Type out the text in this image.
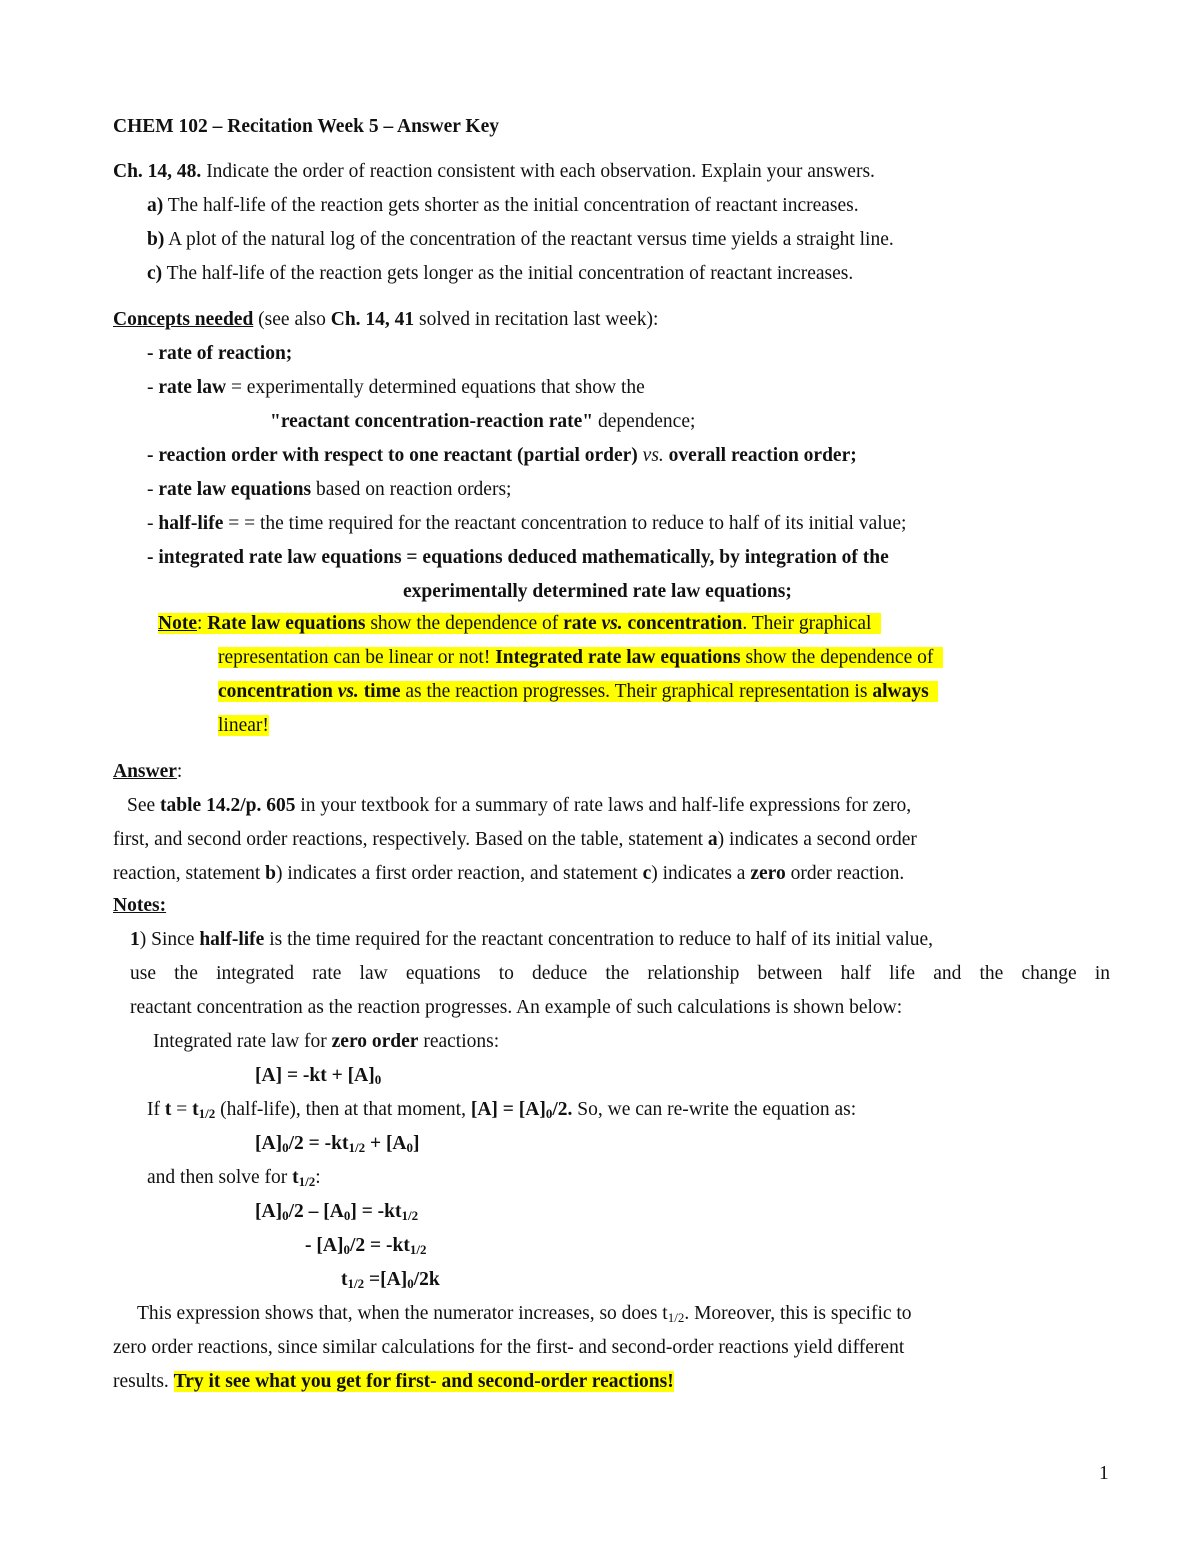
CHEM 102 – Recitation Week 5 – Answer Key
Ch. 14, 48. Indicate the order of reaction consistent with each observation. Explain your answers.
a) The half-life of the reaction gets shorter as the initial concentration of reactant increases.
b) A plot of the natural log of the concentration of the reactant versus time yields a straight line.
c) The half-life of the reaction gets longer as the initial concentration of reactant increases.
Concepts needed (see also Ch. 14, 41 solved in recitation last week):
- rate of reaction;
- rate law = experimentally determined equations that show the
"reactant concentration-reaction rate" dependence;
- reaction order with respect to one reactant (partial order) vs. overall reaction order;
- rate law equations based on reaction orders;
- half-life = = the time required for the reactant concentration to reduce to half of its initial value;
- integrated rate law equations = equations deduced mathematically, by integration of the
experimentally determined rate law equations;
Note: Rate law equations show the dependence of rate vs. concentration. Their graphical
representation can be linear or not! Integrated rate law equations show the dependence of
concentration vs. time as the reaction progresses. Their graphical representation is always
linear!
Answer:
See table 14.2/p. 605 in your textbook for a summary of rate laws and half-life expressions for zero,
first, and second order reactions, respectively. Based on the table, statement a) indicates a second order
reaction, statement b) indicates a first order reaction, and statement c) indicates a zero order reaction.
Notes:
1) Since half-life is the time required for the reactant concentration to reduce to half of its initial value,
use the integrated rate law equations to deduce the relationship between half life and the change in
reactant concentration as the reaction progresses. An example of such calculations is shown below:
Integrated rate law for zero order reactions:
$[A] = -kt + [A]_0$
If $t = t_{1/2}$ (half-life), then at that moment, $[A] = [A]_0/2$. So, we can re-write the equation as:
$[A]_0/2 = -kt_{1/2} + [A_0]$
and then solve for $t_{1/2}$:
$[A]_0/2 - [A_0] = -kt_{1/2}$
- $[A]_0/2 = -kt_{1/2}$
$t_{1/2} =[A]_0/2k$
This expression shows that, when the numerator increases, so does $t_{1/2}$. Moreover, this is specific to
zero order reactions, since similar calculations for the first- and second-order reactions yield different
results. Try it see what you get for first- and second-order reactions!
1
